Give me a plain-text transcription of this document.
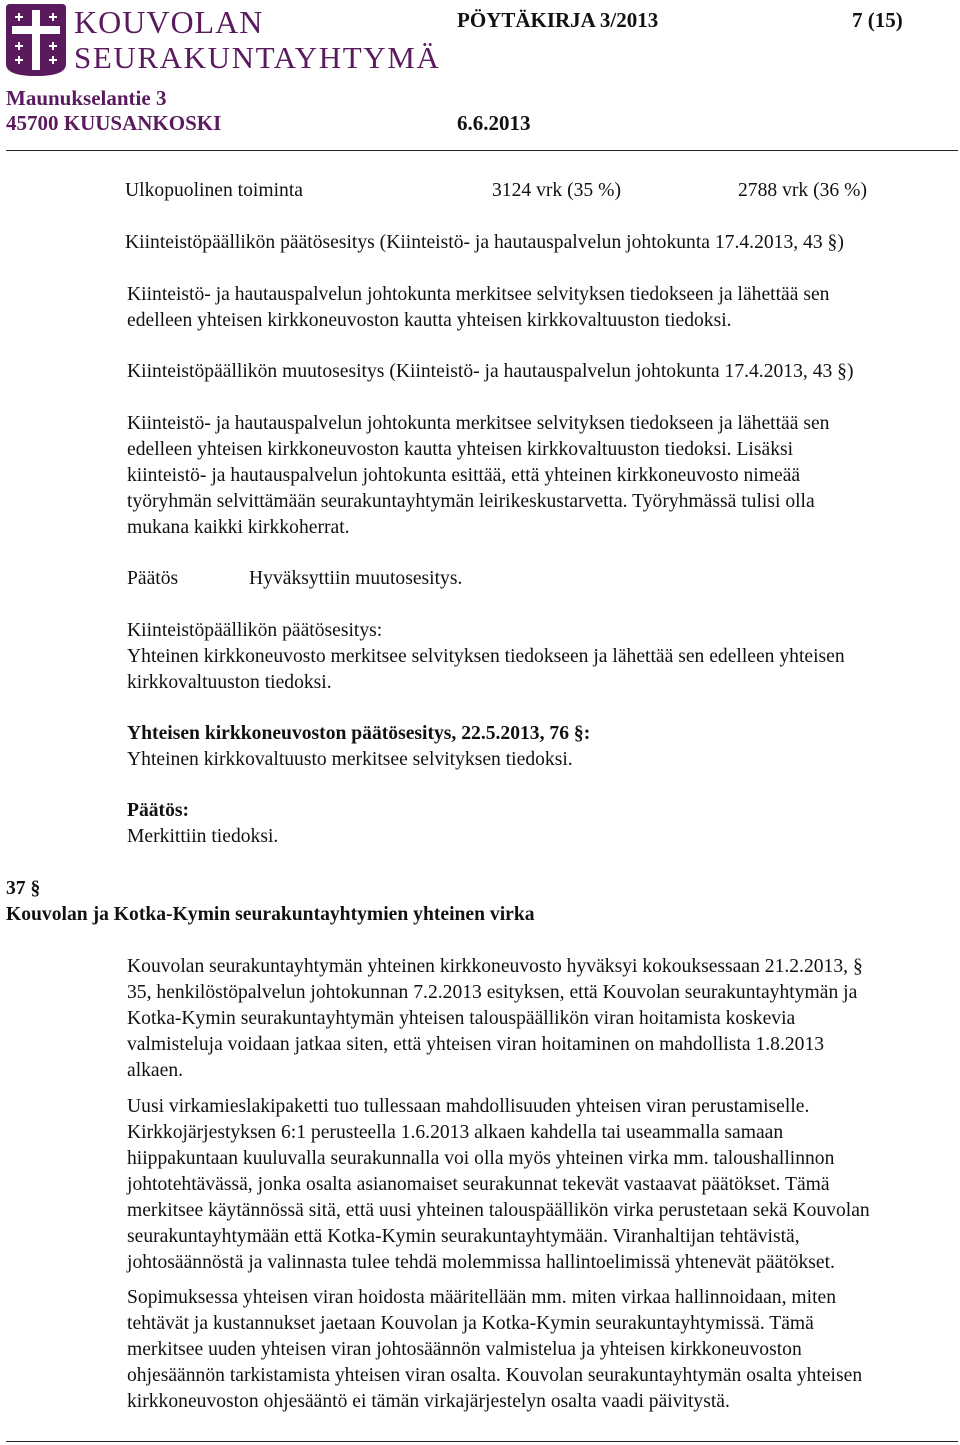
KOUVOLAN
SEURAKUNTAYHTYMÄ
Maunukselantie 3
45700 KUUSANKOSKI
PÖYTÄKIRJA 3/2013	7 (15)
6.6.2013
Ulkopuolinen toiminta	3124 vrk (35 %)	2788 vrk (36 %)
Kiinteistöpäällikön päätösesitys (Kiinteistö- ja hautauspalvelun johtokunta 17.4.2013, 43 §)
Kiinteistö- ja hautauspalvelun johtokunta merkitsee selvityksen tiedokseen ja lähettää sen
edelleen yhteisen kirkkoneuvoston kautta yhteisen kirkkovaltuuston tiedoksi.
Kiinteistöpäällikön muutosesitys (Kiinteistö- ja hautauspalvelun johtokunta 17.4.2013, 43 §)
Kiinteistö- ja hautauspalvelun johtokunta merkitsee selvityksen tiedokseen ja lähettää sen
edelleen yhteisen kirkkoneuvoston kautta yhteisen kirkkovaltuuston tiedoksi. Lisäksi
kiinteistö- ja hautauspalvelun johtokunta esittää, että yhteinen kirkkoneuvosto nimeää
työryhmän selvittämään seurakuntayhtymän leirikeskustarvetta. Työryhmässä tulisi olla
mukana kaikki kirkkoherrat.
Päätös	Hyväksyttiin muutosesitys.
Kiinteistöpäällikön päätösesitys:
Yhteinen kirkkoneuvosto merkitsee selvityksen tiedokseen ja lähettää sen edelleen yhteisen
kirkkovaltuuston tiedoksi.
Yhteisen kirkkoneuvoston päätösesitys, 22.5.2013, 76 §:
Yhteinen kirkkovaltuusto merkitsee selvityksen tiedoksi.
Päätös:
Merkittiin tiedoksi.
37 §
Kouvolan ja Kotka-Kymin seurakuntayhtymien yhteinen virka
Kouvolan seurakuntayhtymän yhteinen kirkkoneuvosto hyväksyi kokouksessaan 21.2.2013, §
35, henkilöstöpalvelun johtokunnan 7.2.2013 esityksen, että Kouvolan seurakuntayhtymän ja
Kotka-Kymin seurakuntayhtymän yhteisen talouspäällikön viran hoitamista koskevia
valmisteluja voidaan jatkaa siten, että yhteisen viran hoitaminen on mahdollista 1.8.2013
alkaen.
Uusi virkamieslakipaketti tuo tullessaan mahdollisuuden yhteisen viran perustamiselle.
Kirkkojärjestyksen 6:1 perusteella 1.6.2013 alkaen kahdella tai useammalla samaan
hiippakuntaan kuuluvalla seurakunnalla voi olla myös yhteinen virka mm. taloushallinnon
johtotehtävässä, jonka osalta asianomaiset seurakunnat tekevät vastaavat päätökset. Tämä
merkitsee käytännössä sitä, että uusi yhteinen talouspäällikön virka perustetaan sekä Kouvolan
seurakuntayhtymään että Kotka-Kymin seurakuntayhtymään. Viranhaltijan tehtävistä,
johtosäännöstä ja valinnasta tulee tehdä molemmissa hallintoelimissä yhtenevät päätökset.
Sopimuksessa yhteisen viran hoidosta määritellään mm. miten virkaa hallinnoidaan, miten
tehtävät ja kustannukset jaetaan Kouvolan ja Kotka-Kymin seurakuntayhtymissä. Tämä
merkitsee uuden yhteisen viran johtosäännön valmistelua ja yhteisen kirkkoneuvoston
ohjesäännön tarkistamista yhteisen viran osalta. Kouvolan seurakuntayhtymän osalta yhteisen
kirkkoneuvoston ohjesääntö ei tämän virkajärjestelyn osalta vaadi päivitystä.
